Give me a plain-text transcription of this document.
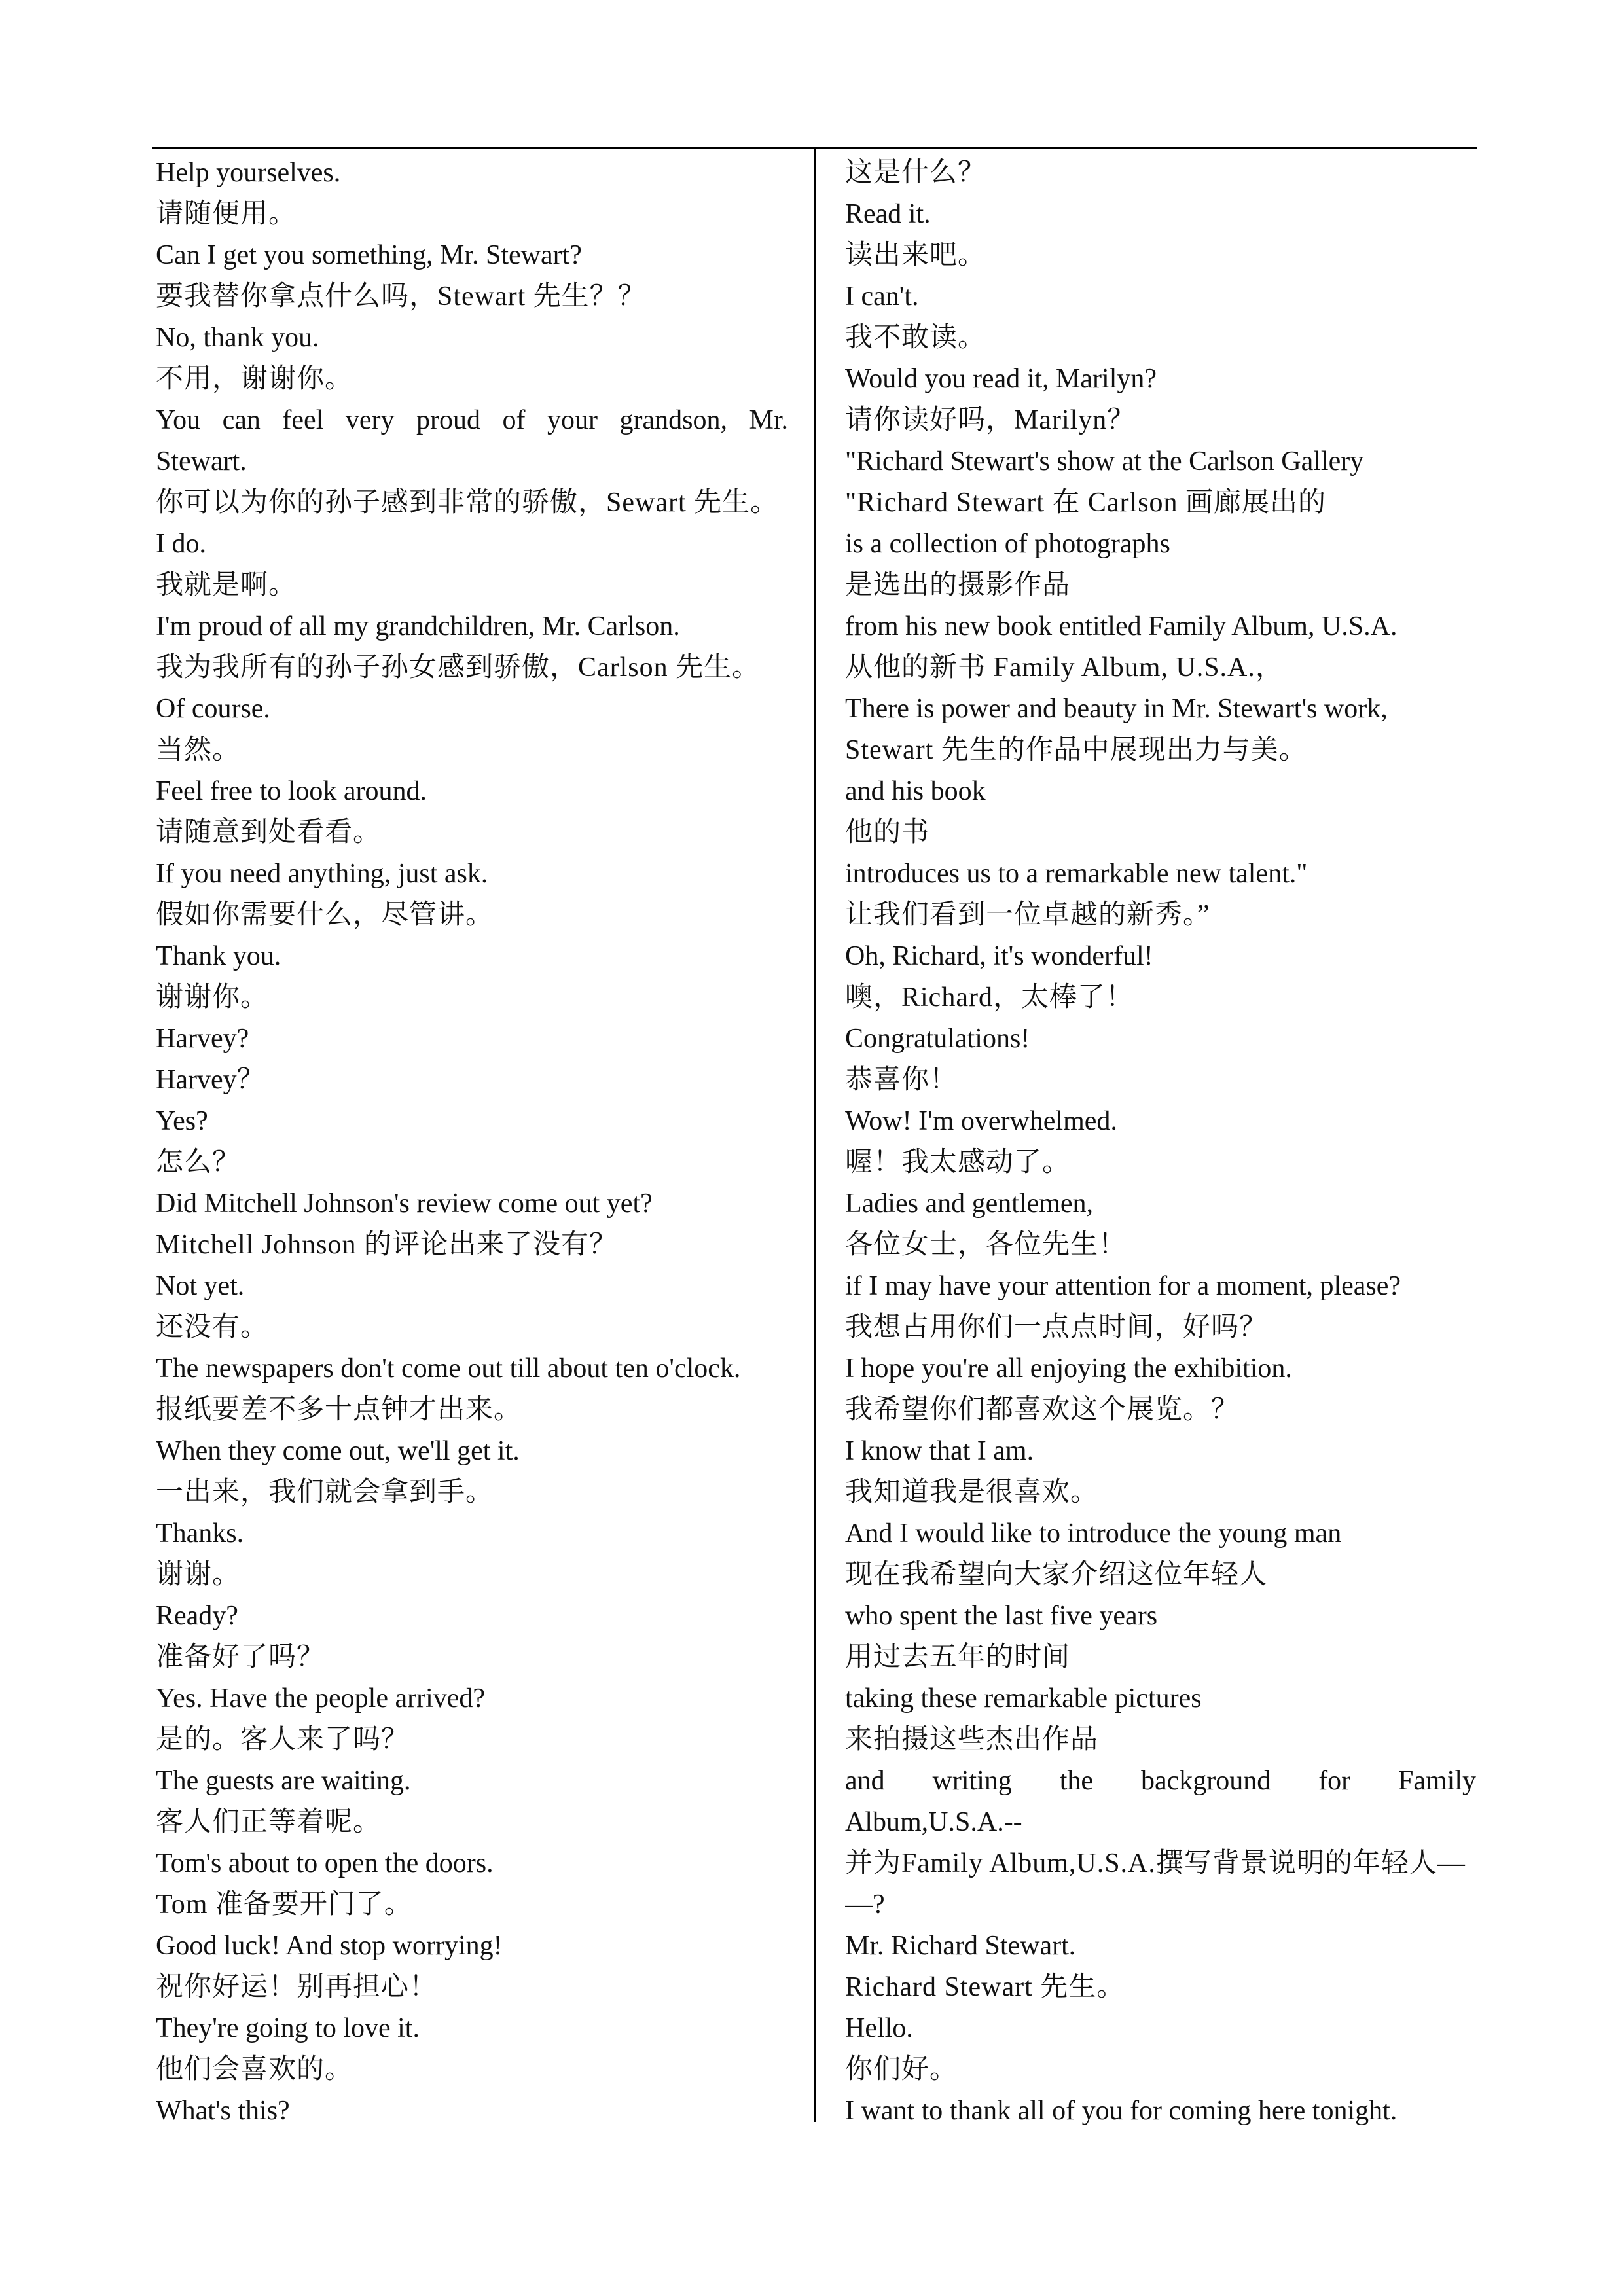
Help yourselves.
请随便用。
Can I get you something, Mr. Stewart?
要我替你拿点什么吗，Stewart 先生？？
No, thank you.
不用，谢谢你。
You can feel very proud of your grandson, Mr.
Stewart.
你可以为你的孙子感到非常的骄傲，Sewart 先生。
I do.
我就是啊。
I'm proud of all my grandchildren, Mr. Carlson.
我为我所有的孙子孙女感到骄傲，Carlson 先生。
Of course.
当然。
Feel free to look around.
请随意到处看看。
If you need anything, just ask.
假如你需要什么，尽管讲。
Thank you.
谢谢你。
Harvey?
Harvey？
Yes?
怎么？
Did Mitchell Johnson's review come out yet?
Mitchell Johnson 的评论出来了没有？
Not yet.
还没有。
The newspapers don't come out till about ten o'clock.
报纸要差不多十点钟才出来。
When they come out, we'll get it.
一出来，我们就会拿到手。
Thanks.
谢谢。
Ready?
准备好了吗？
Yes. Have the people arrived?
是的。客人来了吗？
The guests are waiting.
客人们正等着呢。
Tom's about to open the doors.
Tom 准备要开门了。
Good luck! And stop worrying!
祝你好运！别再担心！
They're going to love it.
他们会喜欢的。
What's this?
这是什么？
Read it.
读出来吧。
I can't.
我不敢读。
Would you read it, Marilyn?
请你读好吗，Marilyn？
"Richard Stewart's show at the Carlson Gallery
"Richard Stewart 在 Carlson 画廊展出的
is a collection of photographs
是选出的摄影作品
from his new book entitled Family Album, U.S.A.
从他的新书 Family Album, U.S.A.，
There is power and beauty in Mr. Stewart's work,
Stewart 先生的作品中展现出力与美。
and his book
他的书
introduces us to a remarkable new talent."
让我们看到一位卓越的新秀。”
Oh, Richard, it's wonderful!
噢，Richard，太棒了！
Congratulations!
恭喜你！
Wow! I'm overwhelmed.
喔！我太感动了。
Ladies and gentlemen,
各位女士，各位先生！
if I may have your attention for a moment, please?
我想占用你们一点点时间，好吗？
I hope you're all enjoying the exhibition.
我希望你们都喜欢这个展览。？
I know that I am.
我知道我是很喜欢。
And I would like to introduce the young man
现在我希望向大家介绍这位年轻人
who spent the last five years
用过去五年的时间
taking these remarkable pictures
来拍摄这些杰出作品
and writing the background for Family
Album,U.S.A.--
并为Family Album,U.S.A.撰写背景说明的年轻人—
—?
Mr. Richard Stewart.
Richard Stewart 先生。
Hello.
你们好。
I want to thank all of you for coming here tonight.
